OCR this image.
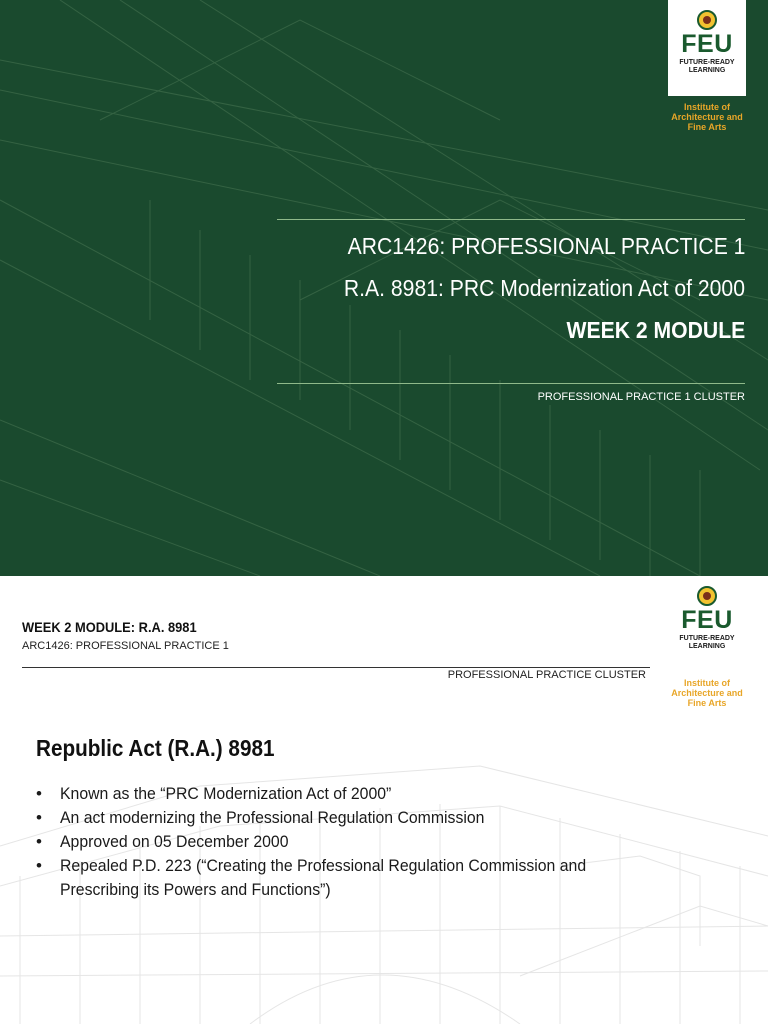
FEU
FUTURE-READY
LEARNING
Institute of
Architecture and
Fine Arts
ARC1426: PROFESSIONAL PRACTICE 1
R.A. 8981: PRC Modernization Act of 2000
WEEK 2 MODULE
PROFESSIONAL PRACTICE 1 CLUSTER
WEEK 2 MODULE: R.A. 8981
ARC1426: PROFESSIONAL PRACTICE 1
PROFESSIONAL PRACTICE CLUSTER
FEU
FUTURE-READY
LEARNING
Institute of
Architecture and
Fine Arts
Republic Act (R.A.) 8981
•	Known as the “PRC Modernization Act of 2000”
•	An act modernizing the Professional Regulation Commission
•	Approved on 05 December 2000
•	Repealed P.D. 223 (“Creating the Professional Regulation Commission and
Prescribing its Powers and Functions”)
